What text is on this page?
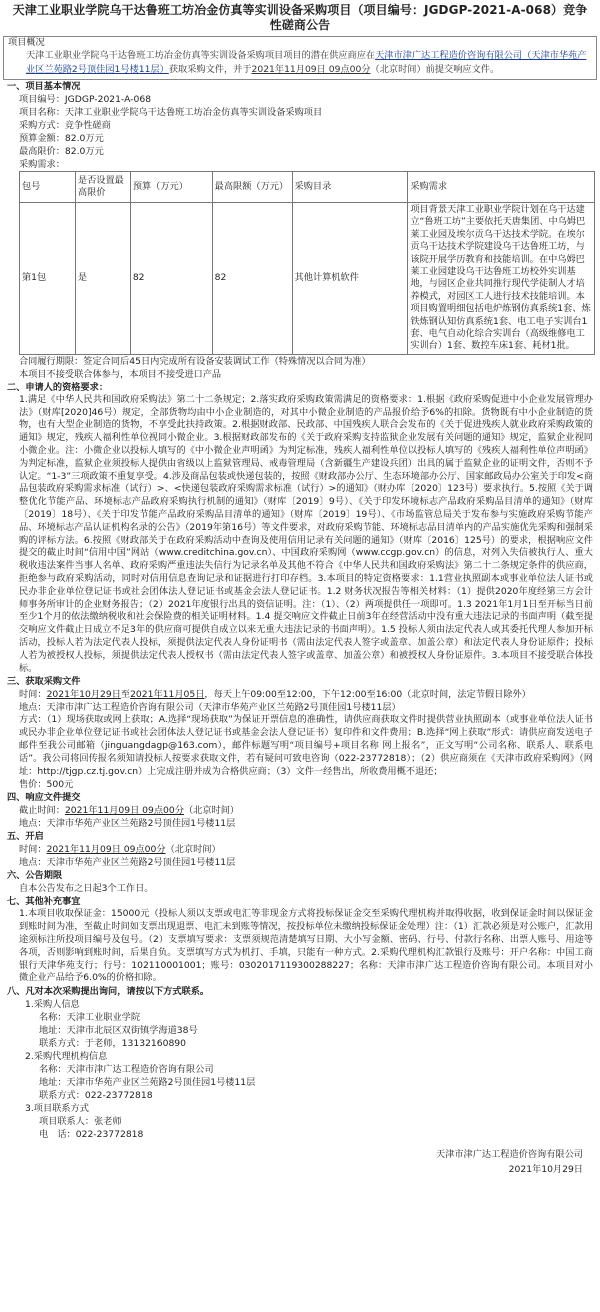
天津工业职业学院乌干达鲁班工坊冶金仿真等实训设备采购项目（项目编号：JGDGP-2021-A-068）竞争性磋商公告
项目概况
天津工业职业学院乌干达鲁班工坊冶金仿真等实训设备采购项目项目的潜在供应商应在天津市津广达工程造价咨询有限公司（天津市华苑产业区兰苑路2号顶佳园1号楼11层）获取采购文件，并于2021年11月09日 09点00分（北京时间）前提交响应文件。
一、项目基本情况
项目编号：JGDGP-2021-A-068
项目名称：天津工业职业学院乌干达鲁班工坊冶金仿真等实训设备采购项目
采购方式：竞争性磋商
预算金额：82.0万元
最高限价：82.0万元
采购需求：
包号	是否设置最高限价	预算（万元）	最高限额（万元）	采购目录	采购需求
第1包	是	82	82	其他计算机软件	项目背景天津工业职业学院计划在乌干达建立“鲁班工坊”主要依托天唐集团、中乌姆巴莱工业园及埃尔贡乌干达技术学院。在埃尔贡乌干达技术学院建设乌干达鲁班工坊，与该院开展学历教育和技能培训。在中乌姆巴莱工业园建设乌干达鲁班工坊校外实训基地，与园区企业共同推行现代学徒制人才培养模式，对园区工人进行技术技能培训。本项目购置明细包括电炉炼钢仿真系统1套、炼铁炼钢认知仿真系统1套、电工电子实训台1套、电气自动化综合实训台（高级维修电工实训台）1套、数控车床1套、耗材1批。
合同履行期限：签定合同后45日内完成所有设备安装调试工作（特殊情况以合同为准）
本项目不接受联合体参与，本项目不接受进口产品
二、申请人的资格要求：
1.满足《中华人民共和国政府采购法》第二十二条规定；2.落实政府采购政策需满足的资格要求：1.根据《政府采购促进中小企业发展管理办法》（财库[2020]46号）规定，全部货物均由中小企业制造的，对其中小微企业制造的产品报价给予6%的扣除。货物既有中小企业制造的货物，也有大型企业制造的货物，不享受此扶持政策。2.根据财政部、民政部、中国残疾人联合会发布的《关于促进残疾人就业政府采购政策的通知》规定，残疾人福利性单位视同小微企业。3.根据财政部发布的《关于政府采购支持监狱企业发展有关问题的通知》规定，监狱企业视同小微企业。注：小微企业以投标人填写的《中小微企业声明函》为判定标准，残疾人福利性单位以投标人填写的《残疾人福利性单位声明函》为判定标准，监狱企业须投标人提供由省级以上监狱管理局、戒毒管理局（含新疆生产建设兵团）出具的属于监狱企业的证明文件，否则不予认定。“1-3”三项政策不重复享受。4.涉及商品包装或快递包装的，按照《财政部办公厅、生态环境部办公厅、国家邮政局办公室关于印发<商品包装政府采购需求标准（试行）>、<快递包装政府采购需求标准（试行）>的通知》（财办库〔2020〕123号）要求执行。5.按照《关于调整优化节能产品、环境标志产品政府采购执行机制的通知》（财库〔2019〕9号）、《关于印发环境标志产品政府采购品目清单的通知》（财库〔2019〕18号）、《关于印发节能产品政府采购品目清单的通知》（财库〔2019〕19号）、《市场监管总局关于发布参与实施政府采购节能产品、环境标志产品认证机构名录的公告》（2019年第16号）等文件要求，对政府采购节能、环境标志品目清单内的产品实施优先采购和强制采购的评标方法。6.按照《财政部关于在政府采购活动中查询及使用信用记录有关问题的通知》（财库〔2016〕125号）的要求，根据响应文件提交的截止时间“信用中国”网站（www.creditchina.gov.cn）、中国政府采购网（www.ccgp.gov.cn）的信息，对列入失信被执行人、重大税收违法案件当事人名单、政府采购严重违法失信行为记录名单及其他不符合《中华人民共和国政府采购法》第二十二条规定条件的供应商，拒绝参与政府采购活动，同时对信用信息查询记录和证据进行打印存档。3.本项目的特定资格要求：1.1营业执照副本或事业单位法人证书或民办非企业单位登记证书或社会团体法人登记证书或基金会法人登记证书。1.2 财务状况报告等相关材料：（1）提供2020年度经第三方会计师事务所审计的企业财务报告；（2）2021年度银行出具的资信证明。注：（1）、（2）两项提供任一项即可。1.3 2021年1月1日至开标当日前至少1个月的依法缴纳税收和社会保险费的相关证明材料。1.4 提交响应文件截止日前3年在经营活动中没有重大违法记录的书面声明（截至提交响应文件截止日成立不足3年的供应商可提供自成立以来无重大违法记录的书面声明）。1.5 投标人须由法定代表人或其委托代理人参加开标活动，投标人若为法定代表人投标，须提供法定代表人身份证明书（需由法定代表人签字或盖章、加盖公章）和法定代表人身份证原件；投标人若为被授权人投标，须提供法定代表人授权书（需由法定代表人签字或盖章、加盖公章）和被授权人身份证原件。3.本项目不接受联合体投标。
三、获取采购文件
时间：2021年10月29日至2021年11月05日，每天上午09:00至12:00，下午12:00至16:00（北京时间，法定节假日除外）
地点：天津市津广达工程造价咨询有限公司（天津市华苑产业区兰苑路2号顶佳园1号楼11层）
方式：（1）现场获取或网上获取；A.选择“现场获取”为保证开票信息的准确性，请供应商获取文件时提供营业执照副本（或事业单位法人证书或民办非企业单位登记证书或社会团体法人登记证书或基金会法人登记证书）复印件和文件费用；B.选择“网上获取”形式：请供应商发送电子邮件至我公司邮箱（jinguangdagp@163.com），邮件标题写明“项目编号+项目名称 网上报名”，正文写明“公司名称、联系人、联系电话”。我公司将回传报名须知请投标人按要求获取文件，若有疑问可致电咨询（022-23772818）；（2）供应商须在《天津市政府采购网》（网址：http://tjgp.cz.tj.gov.cn）上完成注册并成为合格供应商；（3）文件一经售出，所收费用概不退还；
售价：500元
四、响应文件提交
截止时间：2021年11月09日 09点00分（北京时间）
地点：天津市华苑产业区兰苑路2号顶佳园1号楼11层
五、开启
时间：2021年11月09日 09点00分（北京时间）
地点：天津市华苑产业区兰苑路2号顶佳园1号楼11层
六、公告期限
自本公告发布之日起3个工作日。
七、其他补充事宜
1.本项目收取保证金：15000元（投标人须以支票或电汇等非现金方式将投标保证金交至采购代理机构并取得收据，收到保证金时间以保证金到账时间为准，至截止时间如支票出现退票、电汇未到账等情况，按投标单位未缴纳投标保证金处理）注：（1）汇款必须是对公账户，汇款用途须标注所投项目编号及包号。（2）支票填写要求：支票须规范清楚填写日期、大小写金额、密码、行号、付款行名称、出票人账号、用途等各项，否则影响到账时间，后果自负。支票填写方式为机打、手填，只能有一种方式。2.采购代理机构汇款银行及账号：开户名称：中国工商银行天津华苑支行；行号：102110001001；账号：0302017119300288227；名称：天津市津广达工程造价咨询有限公司。本项目对小微企业产品给予6.0%的价格扣除。
八、凡对本次采购提出询问，请按以下方式联系。
1.采购人信息
名称：天津工业职业学院
地址：天津市北辰区双街镇学海道38号
联系方式：于老师，13132160890
2.采购代理机构信息
名称：天津市津广达工程造价咨询有限公司
地址：天津市华苑产业区兰苑路2号顶佳园1号楼11层
联系方式：022-23772818
3.项目联系方式
项目联系人：张老师
电　话：022-23772818
天津市津广达工程造价咨询有限公司
2021年10月29日
